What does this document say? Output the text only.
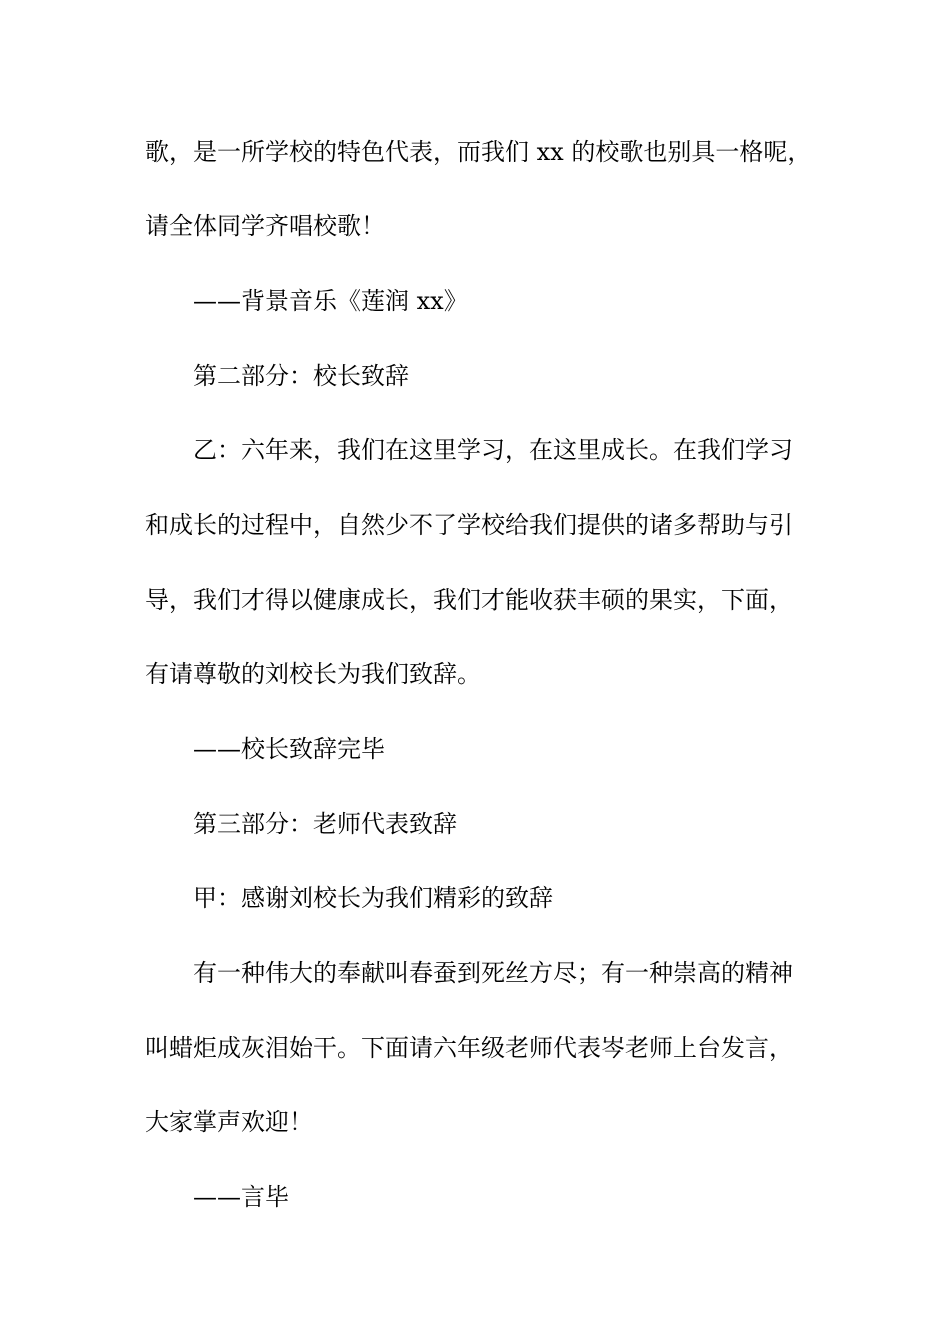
歌，是一所学校的特色代表，而我们 xx 的校歌也别具一格呢，

请全体同学齐唱校歌！

——背景音乐《莲润 xx》

第二部分：校长致辞

乙：六年来，我们在这里学习，在这里成长。在我们学习

和成长的过程中，自然少不了学校给我们提供的诸多帮助与引

导，我们才得以健康成长，我们才能收获丰硕的果实，下面，

有请尊敬的刘校长为我们致辞。

——校长致辞完毕

第三部分：老师代表致辞

甲：感谢刘校长为我们精彩的致辞

有一种伟大的奉献叫春蚕到死丝方尽；有一种崇高的精神

叫蜡炬成灰泪始干。下面请六年级老师代表岑老师上台发言，

大家掌声欢迎！

——言毕
